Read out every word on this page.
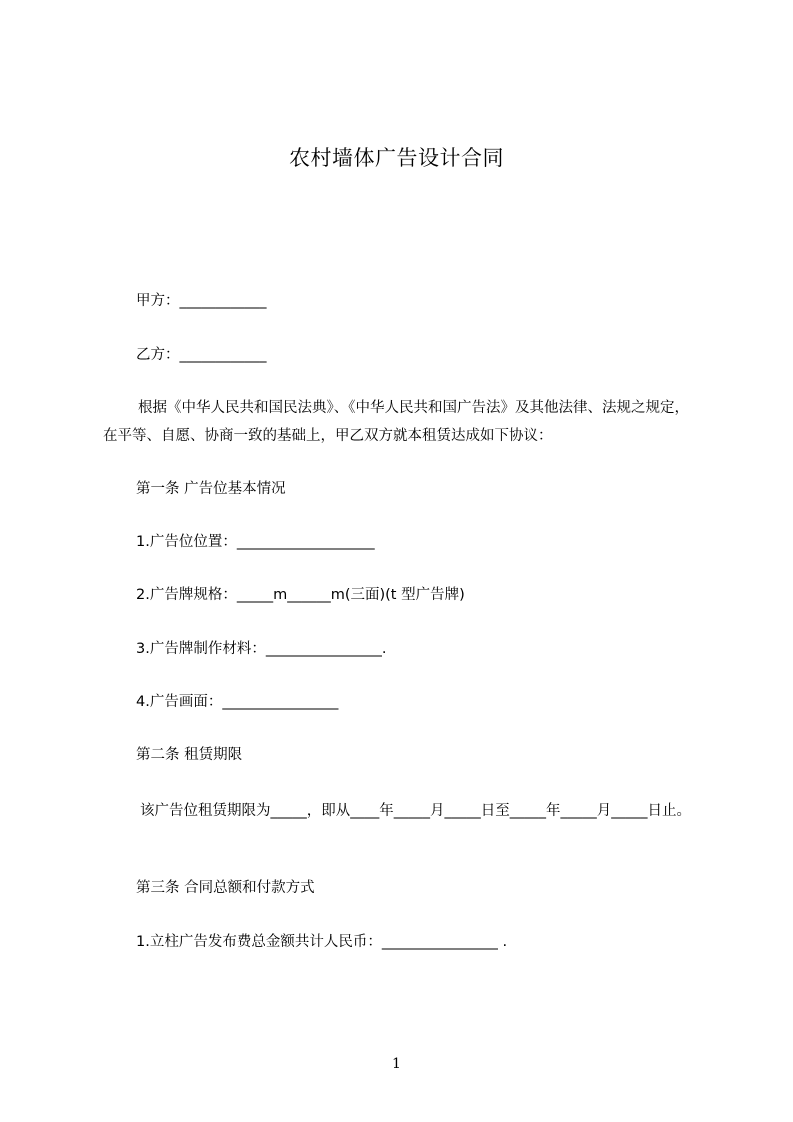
农村墙体广告设计合同
甲方：____________
乙方：____________
根据《中华人民共和国民法典》、《中华人民共和国广告法》及其他法律、法规之规定，在平等、自愿、协商一致的基础上，甲乙双方就本租赁达成如下协议：
第一条 广告位基本情况
1.广告位位置：___________________
2.广告牌规格：_____m______m(三面)(t 型广告牌)
3.广告牌制作材料：________________.
4.广告画面：________________
第二条 租赁期限
该广告位租赁期限为_____，即从____年_____月_____日至_____年_____月_____日止。
第三条 合同总额和付款方式
1.立柱广告发布费总金额共计人民币：________________ .
1
